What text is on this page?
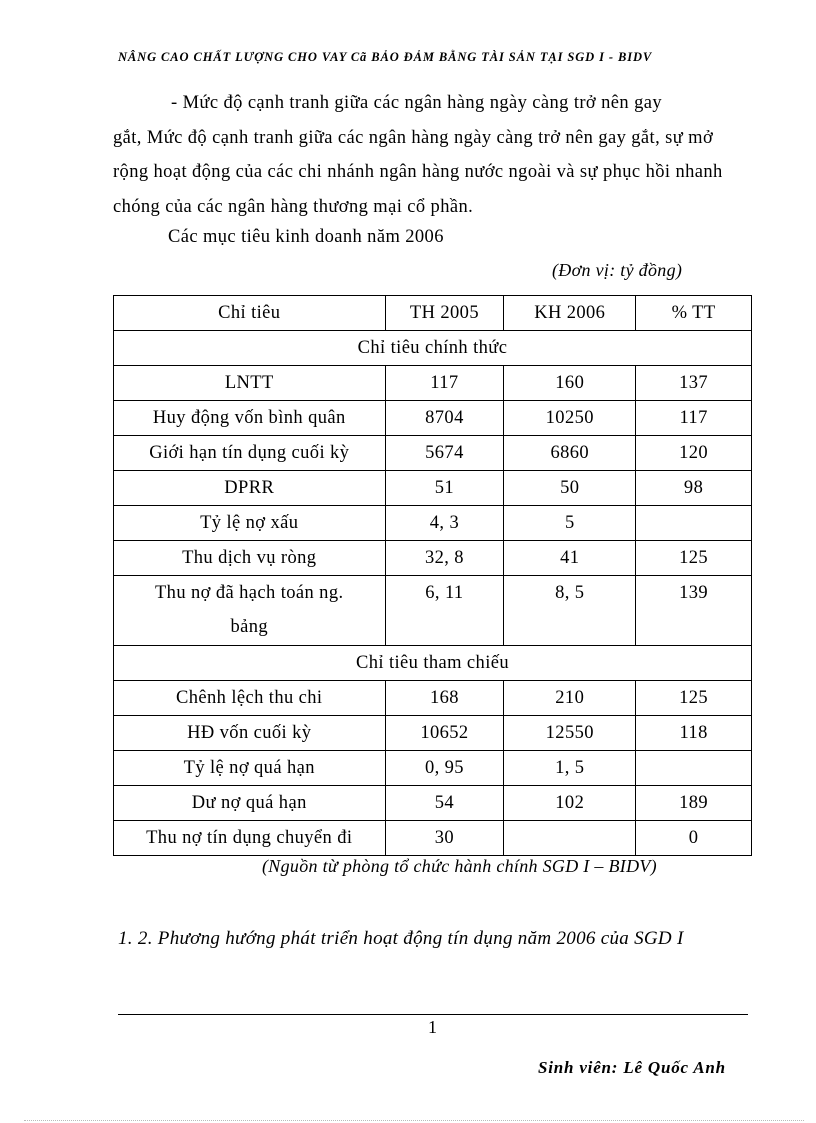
NÂNG CAO CHẤT LƯỢNG CHO VAY Cã BẢO ĐẢM BẰNG TÀI SẢN TẠI SGD I - BIDV
- Mức độ cạnh tranh giữa các ngân hàng ngày càng trở nên gay
gắt, Mức độ cạnh tranh giữa các ngân hàng ngày càng trở nên gay gắt, sự mở rộng hoạt động của các chi nhánh ngân hàng nước ngoài và sự phục hồi nhanh chóng của các ngân hàng thương mại cổ phần.
Các mục tiêu kinh doanh năm 2006
(Đơn vị: tỷ đồng)
Chỉ tiêu	TH 2005	KH 2006	% TT
Chỉ tiêu chính thức			
LNTT	117	160	137
Huy động vốn bình quân	8704	10250	117
Giới hạn tín dụng cuối kỳ	5674	6860	120
DPRR	51	50	98
Tỷ lệ nợ xấu	4, 3	5	
Thu dịch vụ ròng	32, 8	41	125
Thu nợ đã hạch toán ng.
bảng	6, 11	8, 5	139
Chỉ tiêu tham chiếu			
Chênh lệch thu chi	168	210	125
HĐ vốn cuối kỳ	10652	12550	118
Tỷ lệ nợ quá hạn	0, 95	1, 5	
Dư nợ quá hạn	54	102	189
Thu nợ tín dụng chuyển đi	30		0
(Nguồn từ phòng tổ chức hành chính SGD I – BIDV)
1. 2. Phương hướng phát triển hoạt động tín dụng năm 2006 của SGD I
1
Sinh viên: Lê Quốc Anh
